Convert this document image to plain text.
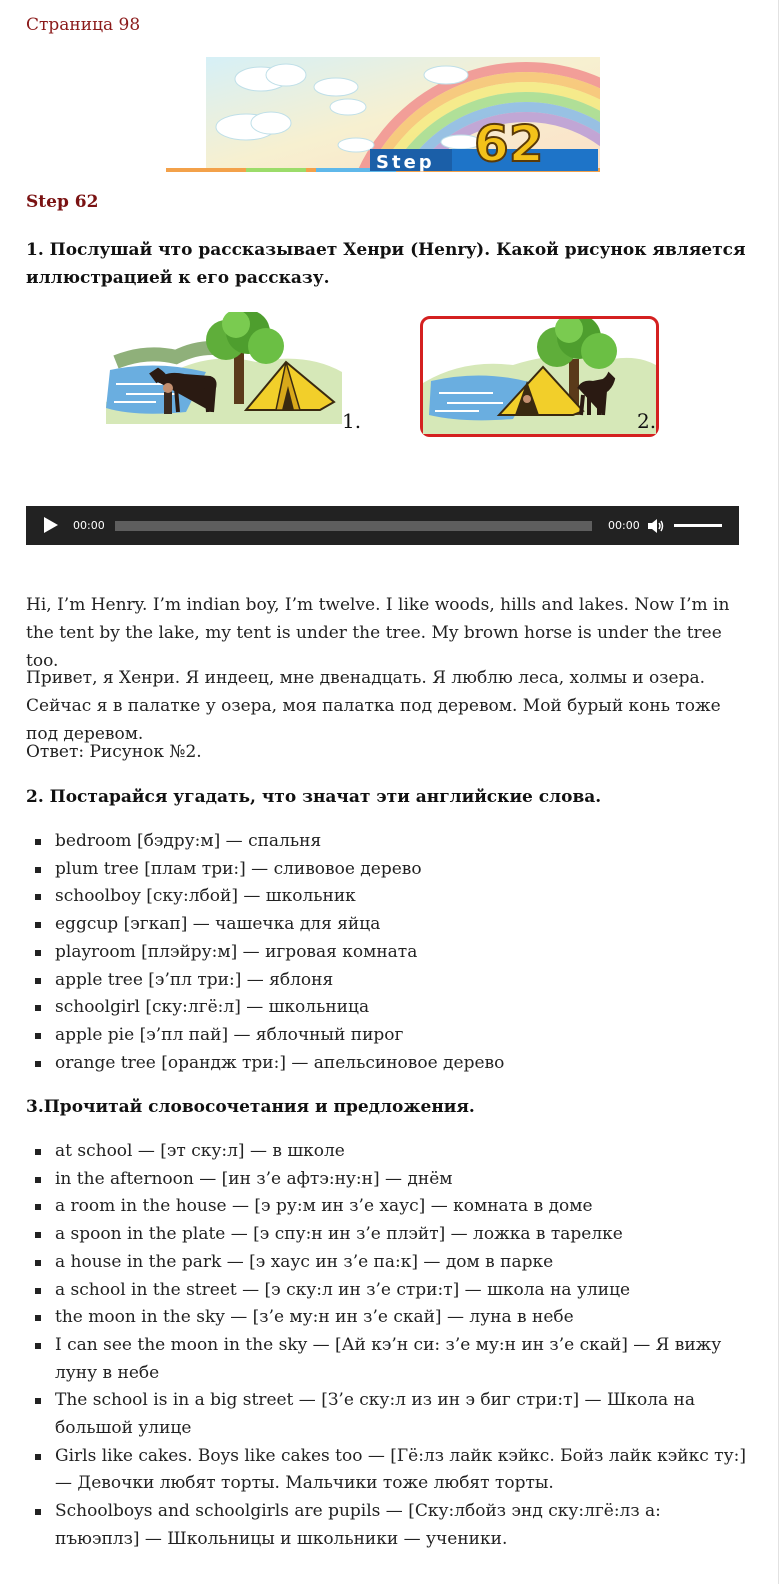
Страница 98
Step 62
Step 62
1. Послушай что рассказывает Хенри (Henry). Какой рисунок является иллюстрацией к его рассказу.
1.	2.
00:00	00:00
Hi, I’m Henry. I’m indian boy, I’m twelve. I like woods, hills and lakes. Now I’m in the tent by the lake, my tent is under the tree. My brown horse is under the tree too.
Привет, я Хенри. Я индеец, мне двенадцать. Я люблю леса, холмы и озера. Сейчас я в палатке у озера, моя палатка под деревом. Мой бурый конь тоже под деревом.
Ответ: Рисунок №2.
2. Постарайся угадать, что значат эти английские слова.
bedroom [бэдру:м] — спальня
plum tree [плам три:] — сливовое дерево
schoolboy [ску:лбой] — школьник
eggcup [эгкап] — чашечка для яйца
playroom [плэйру:м] — игровая комната
apple tree [э’пл три:] — яблоня
schoolgirl [ску:лгё:л] — школьница
apple pie [э’пл пай] — яблочный пирог
orange tree [орандж три:] — апельсиновое дерево
3.Прочитай словосочетания и предложения.
at school — [эт ску:л] — в школе
in the afternoon — [ин з’е афтэ:ну:н] — днём
a room in the house — [э ру:м ин з’е хаус] — комната в доме
a spoon in the plate — [э спу:н ин з’е плэйт] — ложка в тарелке
a house in the park — [э хаус ин з’е па:к] — дом в парке
a school in the street — [э ску:л ин з’е стри:т] — школа на улице
the moon in the sky — [з’е му:н ин з’е скай] — луна в небе
I can see the moon in the sky — [Ай кэ’н си: з’е му:н ин з’е скай] — Я вижу луну в небе
The school is in a big street — [З’е ску:л из ин э биг стри:т] — Школа на большой улице
Girls like cakes. Boys like cakes too — [Гё:лз лайк кэйкс. Бойз лайк кэйкс ту:] — Девочки любят торты. Мальчики тоже любят торты.
Schoolboys and schoolgirls are pupils — [Ску:лбойз энд ску:лгё:лз а: пъюэплз] — Школьницы и школьники — ученики.
